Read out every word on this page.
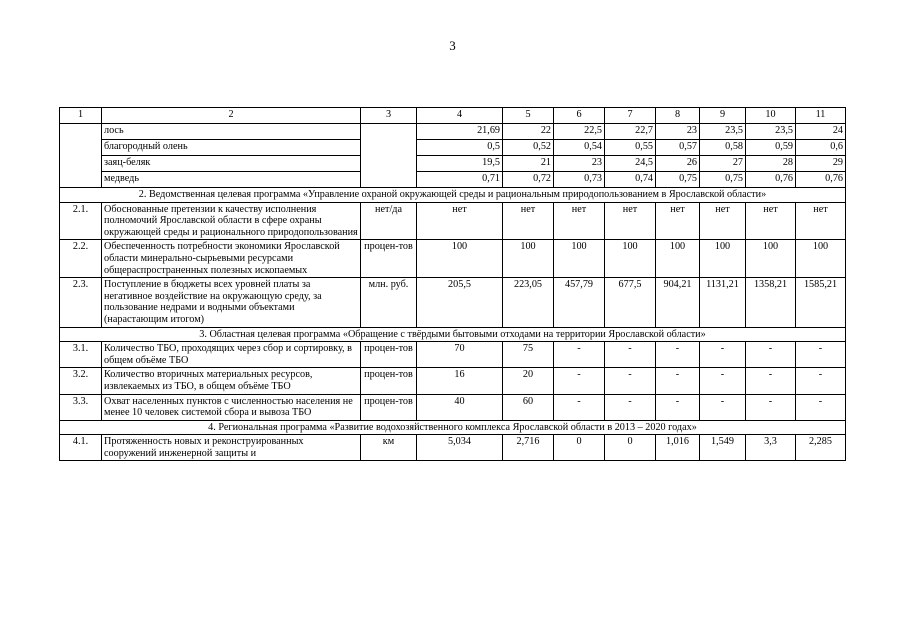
3
1	2	3	4	5	6	7	8	9	10	11
	лось		21,69	22	22,5	22,7	23	23,5	23,5	24
	благородный олень		0,5	0,52	0,54	0,55	0,57	0,58	0,59	0,6
	заяц-беляк		19,5	21	23	24,5	26	27	28	29
	медведь		0,71	0,72	0,73	0,74	0,75	0,75	0,76	0,76
2. Ведомственная целевая программа «Управление охраной окружающей среды и рациональным природопользованием в Ярославской области»										
2.1.	Обоснованные претензии к качеству исполнения полномочий Ярославской области в сфере охраны окружающей среды и рационального природопользования	нет/да	нет	нет	нет	нет	нет	нет	нет	нет
2.2.	Обеспеченность потребности экономики Ярославской области минерально-сырьевыми ресурсами общераспространенных полезных ископаемых	процен-тов	100	100	100	100	100	100	100	100
2.3.	Поступление в бюджеты всех уровней платы за негативное воздействие на окружающую среду, за пользование недрами и водными объектами (нарастающим итогом)	млн. руб.	205,5	223,05	457,79	677,5	904,21	1131,21	1358,21	1585,21
3. Областная целевая программа «Обращение с твёрдыми бытовыми отходами на территории Ярославской области»										
3.1.	Количество ТБО, проходящих через сбор и сортировку, в общем объёме ТБО	процен-тов	70	75	-	-	-	-	-	-
3.2.	Количество вторичных материальных ресурсов, извлекаемых из ТБО, в общем объёме ТБО	процен-тов	16	20	-	-	-	-	-	-
3.3.	Охват населенных пунктов с численностью населения не менее 10 человек системой сбора и вывоза ТБО	процен-тов	40	60	-	-	-	-	-	-
4. Региональная программа «Развитие водохозяйственного комплекса Ярославской области в 2013 – 2020 годах»										
4.1.	Протяженность новых и реконструированных сооружений инженерной защиты и	км	5,034	2,716	0	0	1,016	1,549	3,3	2,285
